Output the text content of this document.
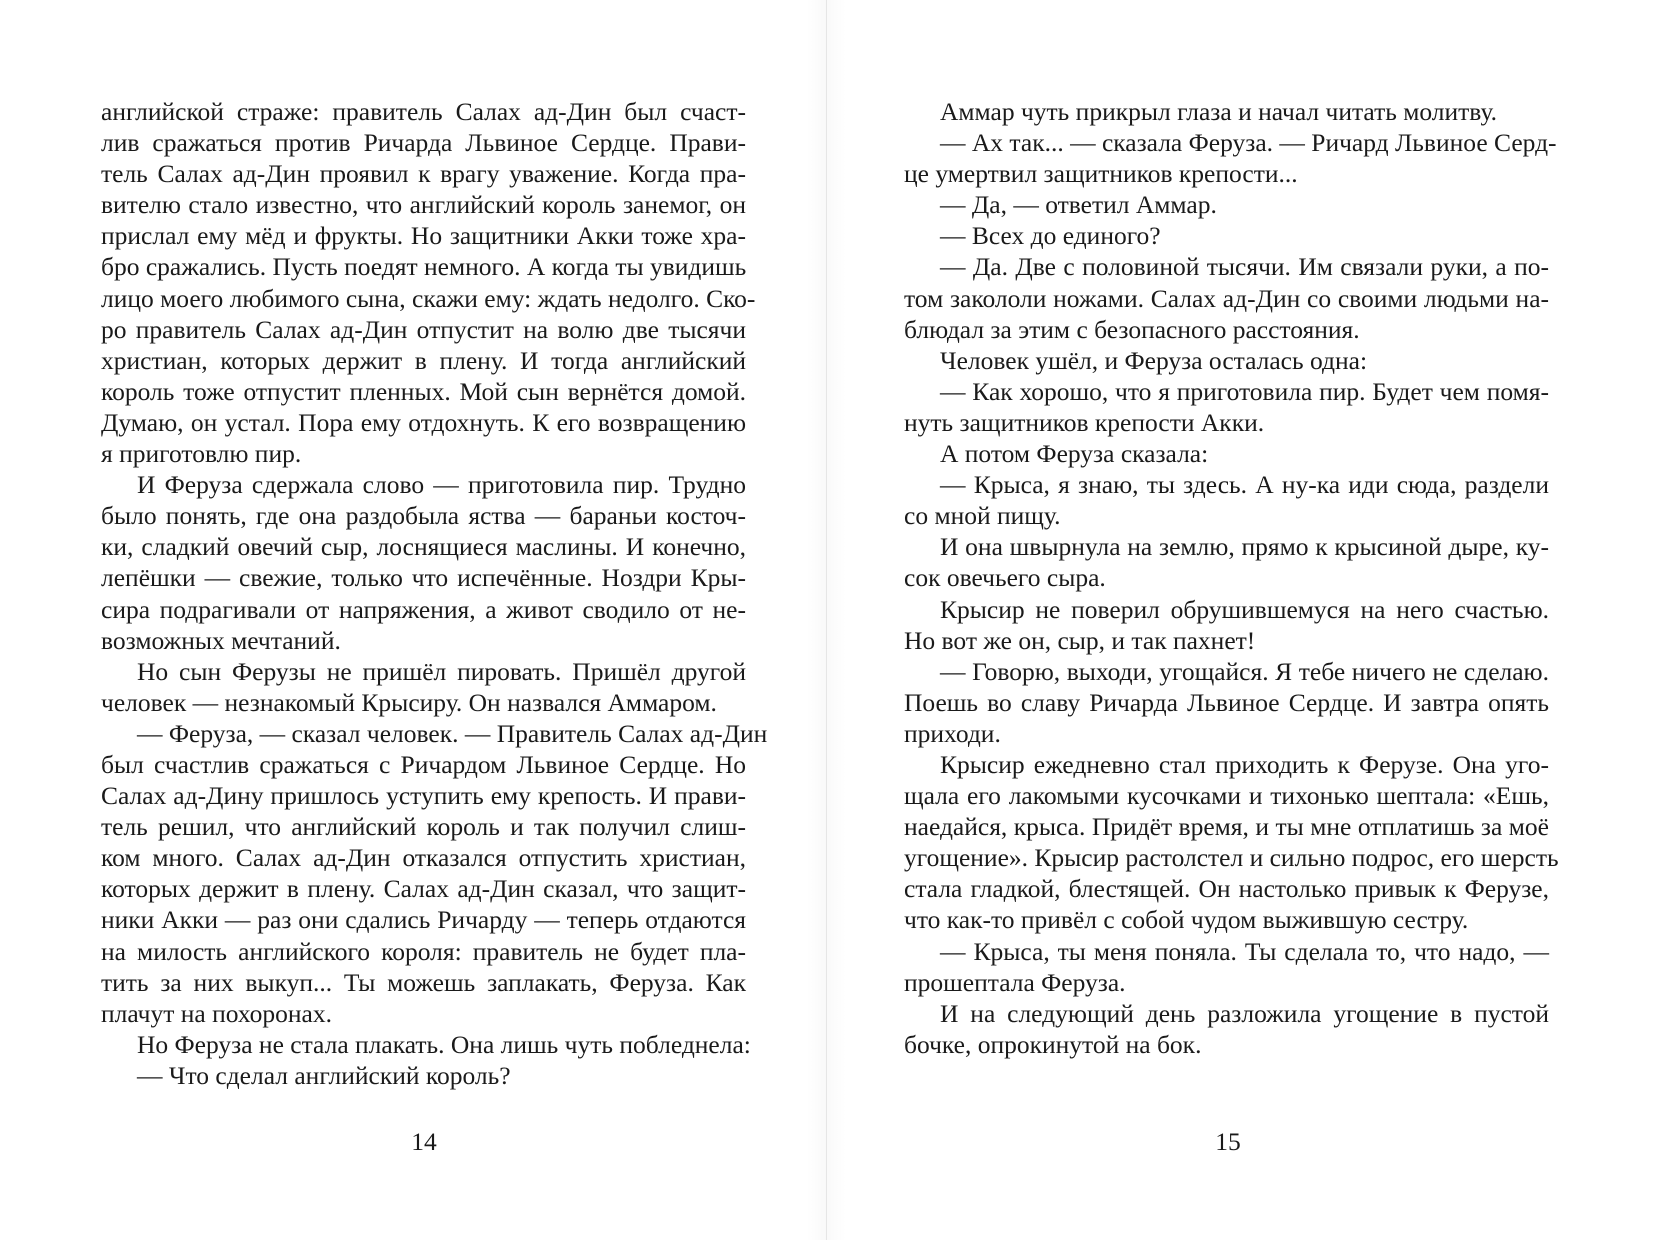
английской страже: правитель Салах ад-Дин был счаст-
лив сражаться против Ричарда Львиное Сердце. Прави-
тель Салах ад-Дин проявил к врагу уважение. Когда пра-
вителю стало известно, что английский король занемог, он
прислал ему мёд и фрукты. Но защитники Акки тоже хра-
бро сражались. Пусть поедят немного. А когда ты увидишь
лицо моего любимого сына, скажи ему: ждать недолго. Ско-
ро правитель Салах ад-Дин отпустит на волю две тысячи
христиан, которых держит в плену. И тогда английский
король тоже отпустит пленных. Мой сын вернётся домой.
Думаю, он устал. Пора ему отдохнуть. К его возвращению
я приготовлю пир.
И Феруза сдержала слово — приготовила пир. Трудно
было понять, где она раздобыла яства — бараньи косточ-
ки, сладкий овечий сыр, лоснящиеся маслины. И конечно,
лепёшки — свежие, только что испечённые. Ноздри Кры-
сира подрагивали от напряжения, а живот сводило от не-
возможных мечтаний.
Но сын Ферузы не пришёл пировать. Пришёл другой
человек — незнакомый Крысиру. Он назвался Аммаром.
— Феруза, — сказал человек. — Правитель Салах ад-Дин
был счастлив сражаться с Ричардом Львиное Сердце. Но
Салах ад-Дину пришлось уступить ему крепость. И прави-
тель решил, что английский король и так получил слиш-
ком много. Салах ад-Дин отказался отпустить христиан,
которых держит в плену. Салах ад-Дин сказал, что защит-
ники Акки — раз они сдались Ричарду — теперь отдаются
на милость английского короля: правитель не будет пла-
тить за них выкуп... Ты можешь заплакать, Феруза. Как
плачут на похоронах.
Но Феруза не стала плакать. Она лишь чуть побледнела:
— Что сделал английский король?
Аммар чуть прикрыл глаза и начал читать молитву.
— Ах так... — сказала Феруза. — Ричард Львиное Серд-
це умертвил защитников крепости...
— Да, — ответил Аммар.
— Всех до единого?
— Да. Две с половиной тысячи. Им связали руки, а по-
том закололи ножами. Салах ад-Дин со своими людьми на-
блюдал за этим с безопасного расстояния.
Человек ушёл, и Феруза осталась одна:
— Как хорошо, что я приготовила пир. Будет чем помя-
нуть защитников крепости Акки.
А потом Феруза сказала:
— Крыса, я знаю, ты здесь. А ну-ка иди сюда, раздели
со мной пищу.
И она швырнула на землю, прямо к крысиной дыре, ку-
сок овечьего сыра.
Крысир не поверил обрушившемуся на него счастью.
Но вот же он, сыр, и так пахнет!
— Говорю, выходи, угощайся. Я тебе ничего не сделаю.
Поешь во славу Ричарда Львиное Сердце. И завтра опять
приходи.
Крысир ежедневно стал приходить к Ферузе. Она уго-
щала его лакомыми кусочками и тихонько шептала: «Ешь,
наедайся, крыса. Придёт время, и ты мне отплатишь за моё
угощение». Крысир растолстел и сильно подрос, его шерсть
стала гладкой, блестящей. Он настолько привык к Ферузе,
что как-то привёл с собой чудом выжившую сестру.
— Крыса, ты меня поняла. Ты сделала то, что надо, —
прошептала Феруза.
И на следующий день разложила угощение в пустой
бочке, опрокинутой на бок.
14	15
